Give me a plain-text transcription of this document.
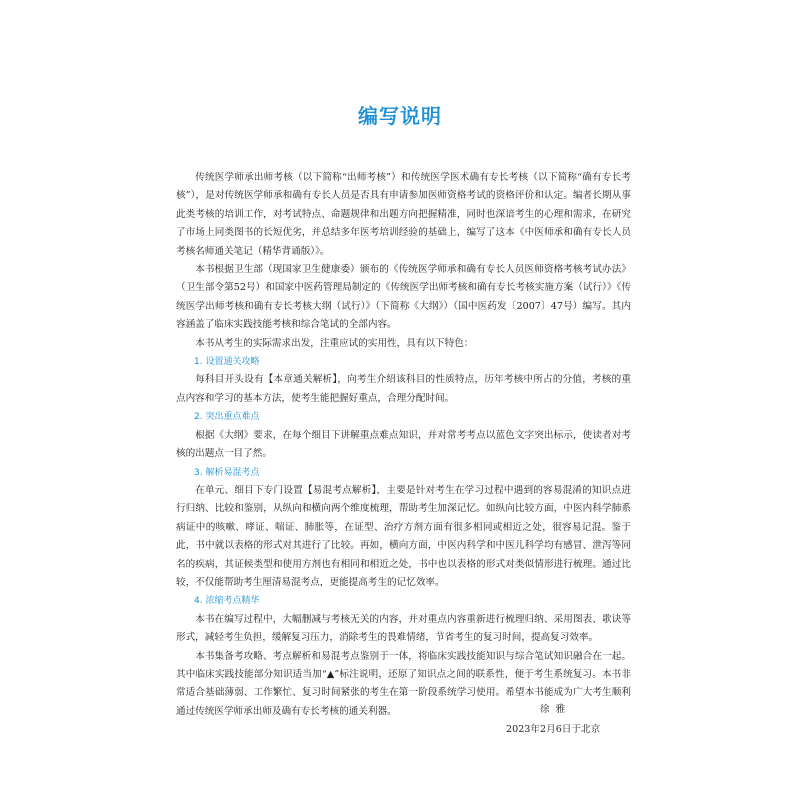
编写说明

传统医学师承出师考核（以下简称“出师考核”）和传统医学医术确有专长考核（以下简称“确有专长考核”），是对传统医学师承和确有专长人员是否具有申请参加医师资格考试的资格评价和认定。编者长期从事此类考核的培训工作，对考试特点、命题规律和出题方向把握精准，同时也深谙考生的心理和需求，在研究了市场上同类图书的长短优劣，并总结多年医考培训经验的基础上，编写了这本《中医师承和确有专长人员考核名师通关笔记（精华背诵版）》。

本书根据卫生部（现国家卫生健康委）颁布的《传统医学师承和确有专长人员医师资格考核考试办法》（卫生部令第52号）和国家中医药管理局制定的《传统医学出师考核和确有专长考核实施方案（试行）》《传统医学出师考核和确有专长考核大纲（试行）》（下简称《大纲》）（国中医药发〔2007〕47号）编写。其内容涵盖了临床实践技能考核和综合笔试的全部内容。

本书从考生的实际需求出发，注重应试的实用性，具有以下特色：

1. 设置通关攻略

每科目开头设有【本章通关解析】，向考生介绍该科目的性质特点，历年考核中所占的分值，考核的重点内容和学习的基本方法，使考生能把握好重点，合理分配时间。

2. 突出重点难点

根据《大纲》要求，在每个细目下讲解重点难点知识，并对常考考点以蓝色文字突出标示，使读者对考核的出题点一目了然。

3. 解析易混考点

在单元、细目下专门设置【易混考点解析】，主要是针对考生在学习过程中遇到的容易混淆的知识点进行归纳、比较和鉴别，从纵向和横向两个维度梳理，帮助考生加深记忆。如纵向比较方面，中医内科学肺系病证中的咳嗽、哮证、喘证、肺胀等，在证型、治疗方剂方面有很多相同或相近之处，很容易记混。鉴于此，书中就以表格的形式对其进行了比较。再如，横向方面，中医内科学和中医儿科学均有感冒、泄泻等同名的疾病，其证候类型和使用方剂也有相同和相近之处，书中也以表格的形式对类似情形进行梳理。通过比较，不仅能帮助考生厘清易混考点，更能提高考生的记忆效率。

4. 浓缩考点精华

本书在编写过程中，大幅删减与考核无关的内容，并对重点内容重新进行梳理归纳、采用图表、歌诀等形式，减轻考生负担，缓解复习压力，消除考生的畏难情绪，节省考生的复习时间，提高复习效率。

本书集备考攻略、考点解析和易混考点鉴别于一体，将临床实践技能知识与综合笔试知识融合在一起。其中临床实践技能部分知识适当加“▲”标注说明，还原了知识点之间的联系性，便于考生系统复习。本书非常适合基础薄弱、工作繁忙、复习时间紧张的考生在第一阶段系统学习使用。希望本书能成为广大考生顺利通过传统医学师承出师及确有专长考核的通关利器。	徐雅
2023年2月6日于北京
